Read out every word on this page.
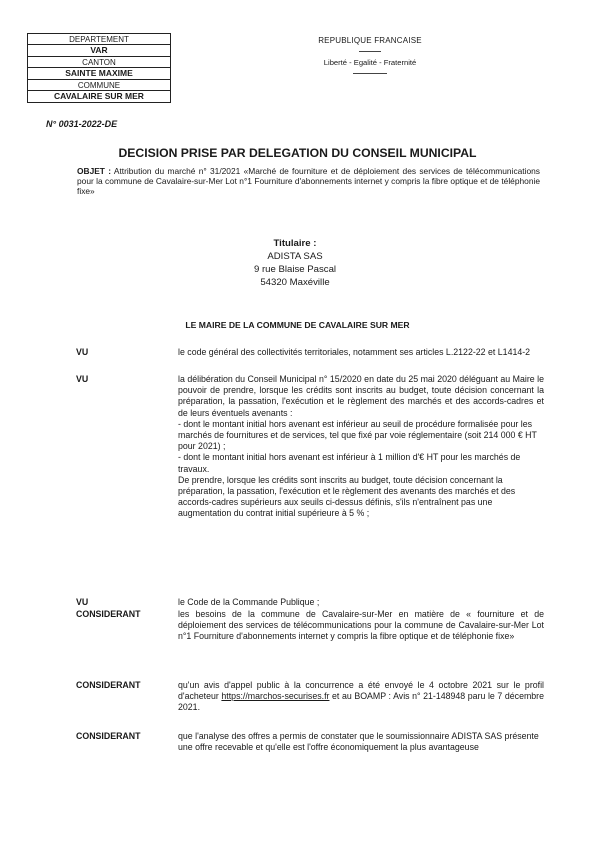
DEPARTEMENT
VAR
CANTON
SAINTE MAXIME
COMMUNE
CAVALAIRE SUR MER
REPUBLIQUE FRANCAISE
Liberté - Egalité - Fraternité
N° 0031-2022-DE
DECISION PRISE PAR DELEGATION DU CONSEIL MUNICIPAL
OBJET : Attribution du marché n° 31/2021 «Marché de fourniture et de déploiement des services de télécommunications pour la commune de Cavalaire-sur-Mer Lot n°1 Fourniture d'abonnements internet y compris la fibre optique et de téléphonie fixe»
Titulaire :
ADISTA SAS
9 rue Blaise Pascal
54320 Maxéville
LE MAIRE DE LA COMMUNE DE CAVALAIRE SUR MER
VU	le code général des collectivités territoriales, notamment ses articles L.2122-22 et L1414-2
VU	la délibération du Conseil Municipal n° 15/2020 en date du 25 mai 2020 déléguant au Maire le pouvoir de prendre, lorsque les crédits sont inscrits au budget, toute décision concernant la préparation, la passation, l'exécution et le règlement des marchés et des accords-cadres et de leurs éventuels avenants :

- dont le montant initial hors avenant est inférieur au seuil de procédure formalisée pour les marchés de fournitures et de services, tel que fixé par voie réglementaire (soit 214 000 € HT pour 2021) ;

- dont le montant initial hors avenant est inférieur à 1 million d'€ HT pour les marchés de travaux.

De prendre, lorsque les crédits sont inscrits au budget, toute décision concernant la préparation, la passation, l'exécution et le règlement des avenants des marchés et des accords-cadres supérieurs aux seuils ci-dessus définis, s'ils n'entraînent pas une augmentation du contrat initial supérieure à 5 % ;

VU	le Code de la Commande Publique ;
CONSIDERANT	les besoins de la commune de Cavalaire-sur-Mer en matière de « fourniture et de déploiement des services de télécommunications pour la commune de Cavalaire-sur-Mer Lot n°1 Fourniture d'abonnements internet y compris la fibre optique et de téléphonie fixe»
CONSIDERANT	qu'un avis d'appel public à la concurrence a été envoyé le 4 octobre 2021 sur le profil d'acheteur https://marchos-securises.fr et au BOAMP : Avis n° 21-148948 paru le 7 décembre 2021.
CONSIDERANT	que l'analyse des offres a permis de constater que le soumissionnaire ADISTA SAS présente une offre recevable et qu'elle est l'offre économiquement la plus avantageuse
